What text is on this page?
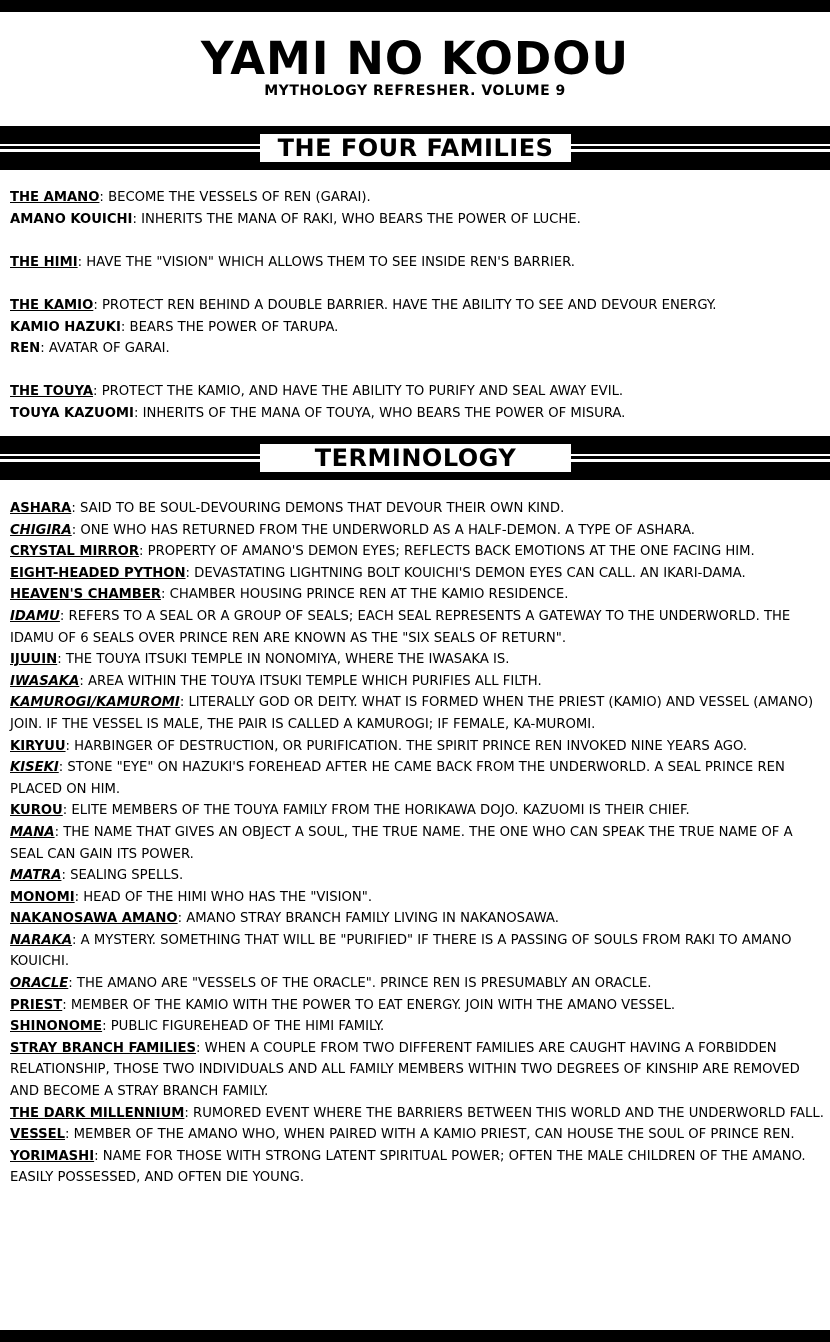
YAMI NO KODOU
MYTHOLOGY REFRESHER. VOLUME 9
THE FOUR FAMILIES
THE AMANO: BECOME THE VESSELS OF REN (GARAI).
AMANO KOUICHI: INHERITS THE MANA OF RAKI, WHO BEARS THE POWER OF LUCHE.
THE HIMI: HAVE THE "VISION" WHICH ALLOWS THEM TO SEE INSIDE REN'S BARRIER.
THE KAMIO: PROTECT REN BEHIND A DOUBLE BARRIER. HAVE THE ABILITY TO SEE AND DEVOUR ENERGY.
KAMIO HAZUKI: BEARS THE POWER OF TARUPA.
REN: AVATAR OF GARAI.
THE TOUYA: PROTECT THE KAMIO, AND HAVE THE ABILITY TO PURIFY AND SEAL AWAY EVIL.
TOUYA KAZUOMI: INHERITS OF THE MANA OF TOUYA, WHO BEARS THE POWER OF MISURA.
TERMINOLOGY
ASHARA: SAID TO BE SOUL-DEVOURING DEMONS THAT DEVOUR THEIR OWN KIND.
CHIGIRA: ONE WHO HAS RETURNED FROM THE UNDERWORLD AS A HALF-DEMON. A TYPE OF ASHARA.
CRYSTAL MIRROR: PROPERTY OF AMANO'S DEMON EYES; REFLECTS BACK EMOTIONS AT THE ONE FACING HIM.
EIGHT-HEADED PYTHON: DEVASTATING LIGHTNING BOLT KOUICHI'S DEMON EYES CAN CALL. AN IKARI-DAMA.
HEAVEN'S CHAMBER: CHAMBER HOUSING PRINCE REN AT THE KAMIO RESIDENCE.
IDAMU: REFERS TO A SEAL OR A GROUP OF SEALS; EACH SEAL REPRESENTS A GATEWAY TO THE UNDERWORLD. THE IDAMU OF 6 SEALS OVER PRINCE REN ARE KNOWN AS THE "SIX SEALS OF RETURN".
IJUUIN: THE TOUYA ITSUKI TEMPLE IN NONOMIYA, WHERE THE IWASAKA IS.
IWASAKA: AREA WITHIN THE TOUYA ITSUKI TEMPLE WHICH PURIFIES ALL FILTH.
KAMUROGI/KAMUROMI: LITERALLY GOD OR DEITY. WHAT IS FORMED WHEN THE PRIEST (KAMIO) AND VESSEL (AMANO) JOIN. IF THE VESSEL IS MALE, THE PAIR IS CALLED A KAMUROGI; IF FEMALE, KA-MUROMI.
KIRYUU: HARBINGER OF DESTRUCTION, OR PURIFICATION. THE SPIRIT PRINCE REN INVOKED NINE YEARS AGO.
KISEKI: STONE "EYE" ON HAZUKI'S FOREHEAD AFTER HE CAME BACK FROM THE UNDERWORLD. A SEAL PRINCE REN PLACED ON HIM.
KUROU: ELITE MEMBERS OF THE TOUYA FAMILY FROM THE HORIKAWA DOJO. KAZUOMI IS THEIR CHIEF.
MANA: THE NAME THAT GIVES AN OBJECT A SOUL, THE TRUE NAME. THE ONE WHO CAN SPEAK THE TRUE NAME OF A SEAL CAN GAIN ITS POWER.
MATRA: SEALING SPELLS.
MONOMI: HEAD OF THE HIMI WHO HAS THE "VISION".
NAKANOSAWA AMANO: AMANO STRAY BRANCH FAMILY LIVING IN NAKANOSAWA.
NARAKA: A MYSTERY. SOMETHING THAT WILL BE "PURIFIED" IF THERE IS A PASSING OF SOULS FROM RAKI TO AMANO KOUICHI.
ORACLE: THE AMANO ARE "VESSELS OF THE ORACLE". PRINCE REN IS PRESUMABLY AN ORACLE.
PRIEST: MEMBER OF THE KAMIO WITH THE POWER TO EAT ENERGY. JOIN WITH THE AMANO VESSEL.
SHINONOME: PUBLIC FIGUREHEAD OF THE HIMI FAMILY.
STRAY BRANCH FAMILIES: WHEN A COUPLE FROM TWO DIFFERENT FAMILIES ARE CAUGHT HAVING A FORBIDDEN RELATIONSHIP, THOSE TWO INDIVIDUALS AND ALL FAMILY MEMBERS WITHIN TWO DEGREES OF KINSHIP ARE REMOVED AND BECOME A STRAY BRANCH FAMILY.
THE DARK MILLENNIUM: RUMORED EVENT WHERE THE BARRIERS BETWEEN THIS WORLD AND THE UNDERWORLD FALL.
VESSEL: MEMBER OF THE AMANO WHO, WHEN PAIRED WITH A KAMIO PRIEST, CAN HOUSE THE SOUL OF PRINCE REN.
YORIMASHI: NAME FOR THOSE WITH STRONG LATENT SPIRITUAL POWER; OFTEN THE MALE CHILDREN OF THE AMANO. EASILY POSSESSED, AND OFTEN DIE YOUNG.
